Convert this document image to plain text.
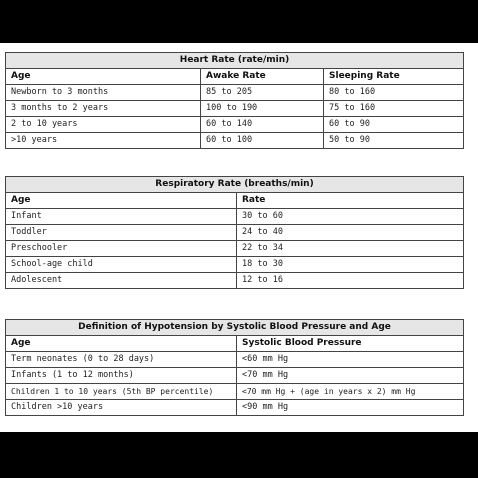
Heart Rate (rate/min)		
Age	Awake Rate	Sleeping Rate
Newborn to 3 months	85 to 205	80 to 160
3 months to 2 years	100 to 190	75 to 160
2 to 10 years	60 to 140	60 to 90
>10 years	60 to 100	50 to 90
Respiratory Rate (breaths/min)	
Age	Rate
Infant	30 to 60
Toddler	24 to 40
Preschooler	22 to 34
School-age child	18 to 30
Adolescent	12 to 16
Definition of Hypotension by Systolic Blood Pressure and Age	
Age	Systolic Blood Pressure
Term neonates (0 to 28 days)	<60 mm Hg
Infants (1 to 12 months)	<70 mm Hg
Children 1 to 10 years (5th BP percentile)	<70 mm Hg + (age in years x 2) mm Hg
Children >10 years	<90 mm Hg
